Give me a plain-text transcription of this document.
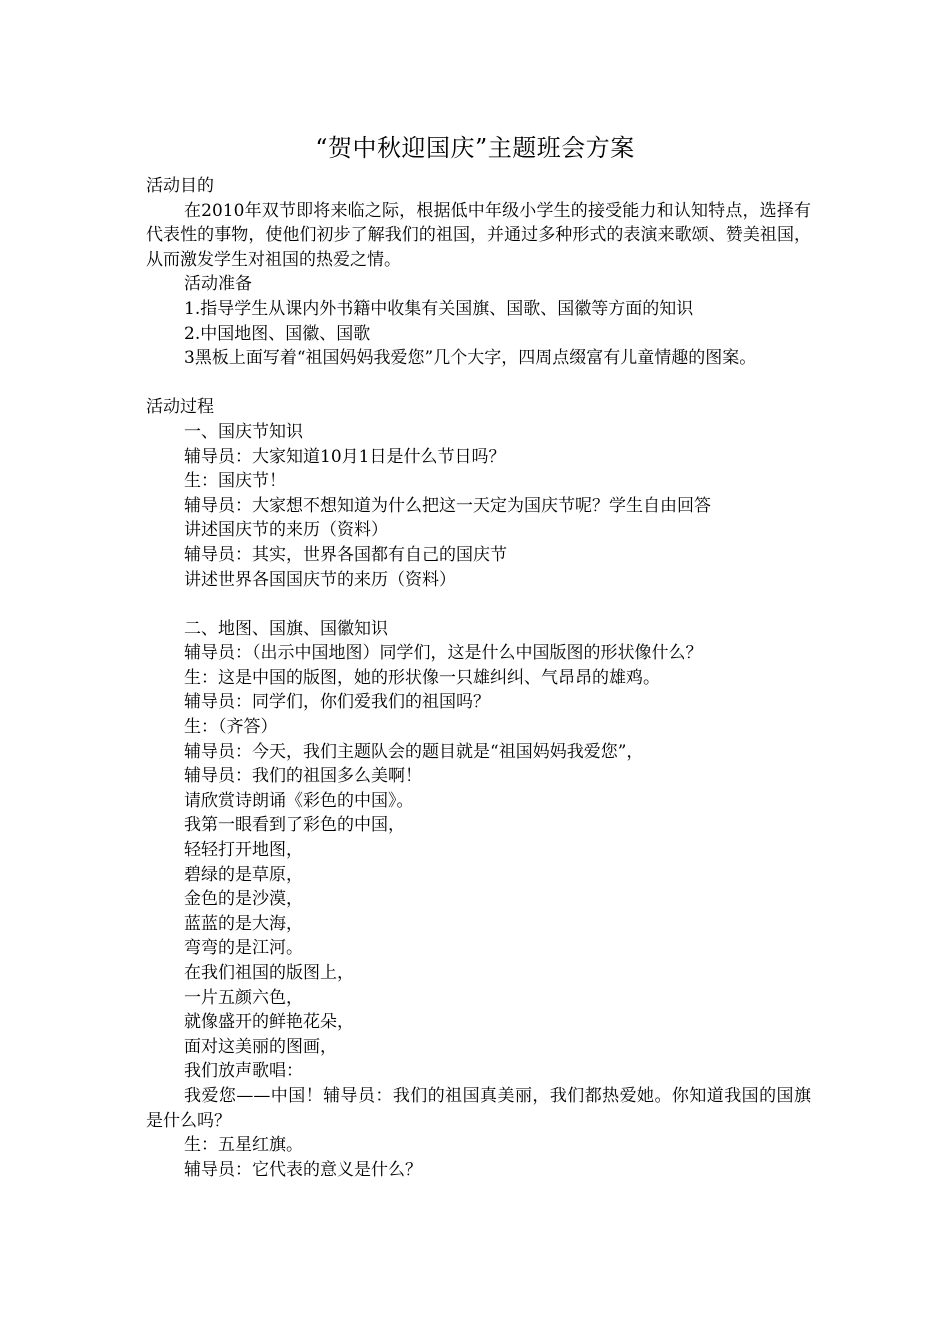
“贺中秋迎国庆”主题班会方案

活动目的

在2010年双节即将来临之际，根据低中年级小学生的接受能力和认知特点，选择有代表性的事物，使他们初步了解我们的祖国，并通过多种形式的表演来歌颂、赞美祖国，从而激发学生对祖国的热爱之情。

活动准备

1.指导学生从课内外书籍中收集有关国旗、国歌、国徽等方面的知识

2.中国地图、国徽、国歌

3黑板上面写着“祖国妈妈我爱您”几个大字，四周点缀富有儿童情趣的图案。

活动过程

一、国庆节知识

辅导员：大家知道10月1日是什么节日吗？

生：国庆节！

辅导员：大家想不想知道为什么把这一天定为国庆节呢？学生自由回答

讲述国庆节的来历（资料）

辅导员：其实，世界各国都有自己的国庆节

讲述世界各国国庆节的来历（资料）

二、地图、国旗、国徽知识

辅导员：（出示中国地图）同学们，这是什么中国版图的形状像什么？

生：这是中国的版图，她的形状像一只雄纠纠、气昂昂的雄鸡。

辅导员：同学们，你们爱我们的祖国吗？

生：（齐答）

辅导员：今天，我们主题队会的题目就是“祖国妈妈我爱您”，

辅导员：我们的祖国多么美啊！

请欣赏诗朗诵《彩色的中国》。

我第一眼看到了彩色的中国，

轻轻打开地图，

碧绿的是草原，

金色的是沙漠，

蓝蓝的是大海，

弯弯的是江河。

在我们祖国的版图上，

一片五颜六色，

就像盛开的鲜艳花朵，

面对这美丽的图画，

我们放声歌唱：

我爱您——中国！辅导员：我们的祖国真美丽，我们都热爱她。你知道我国的国旗是什么吗？

生：五星红旗。

辅导员：它代表的意义是什么？
